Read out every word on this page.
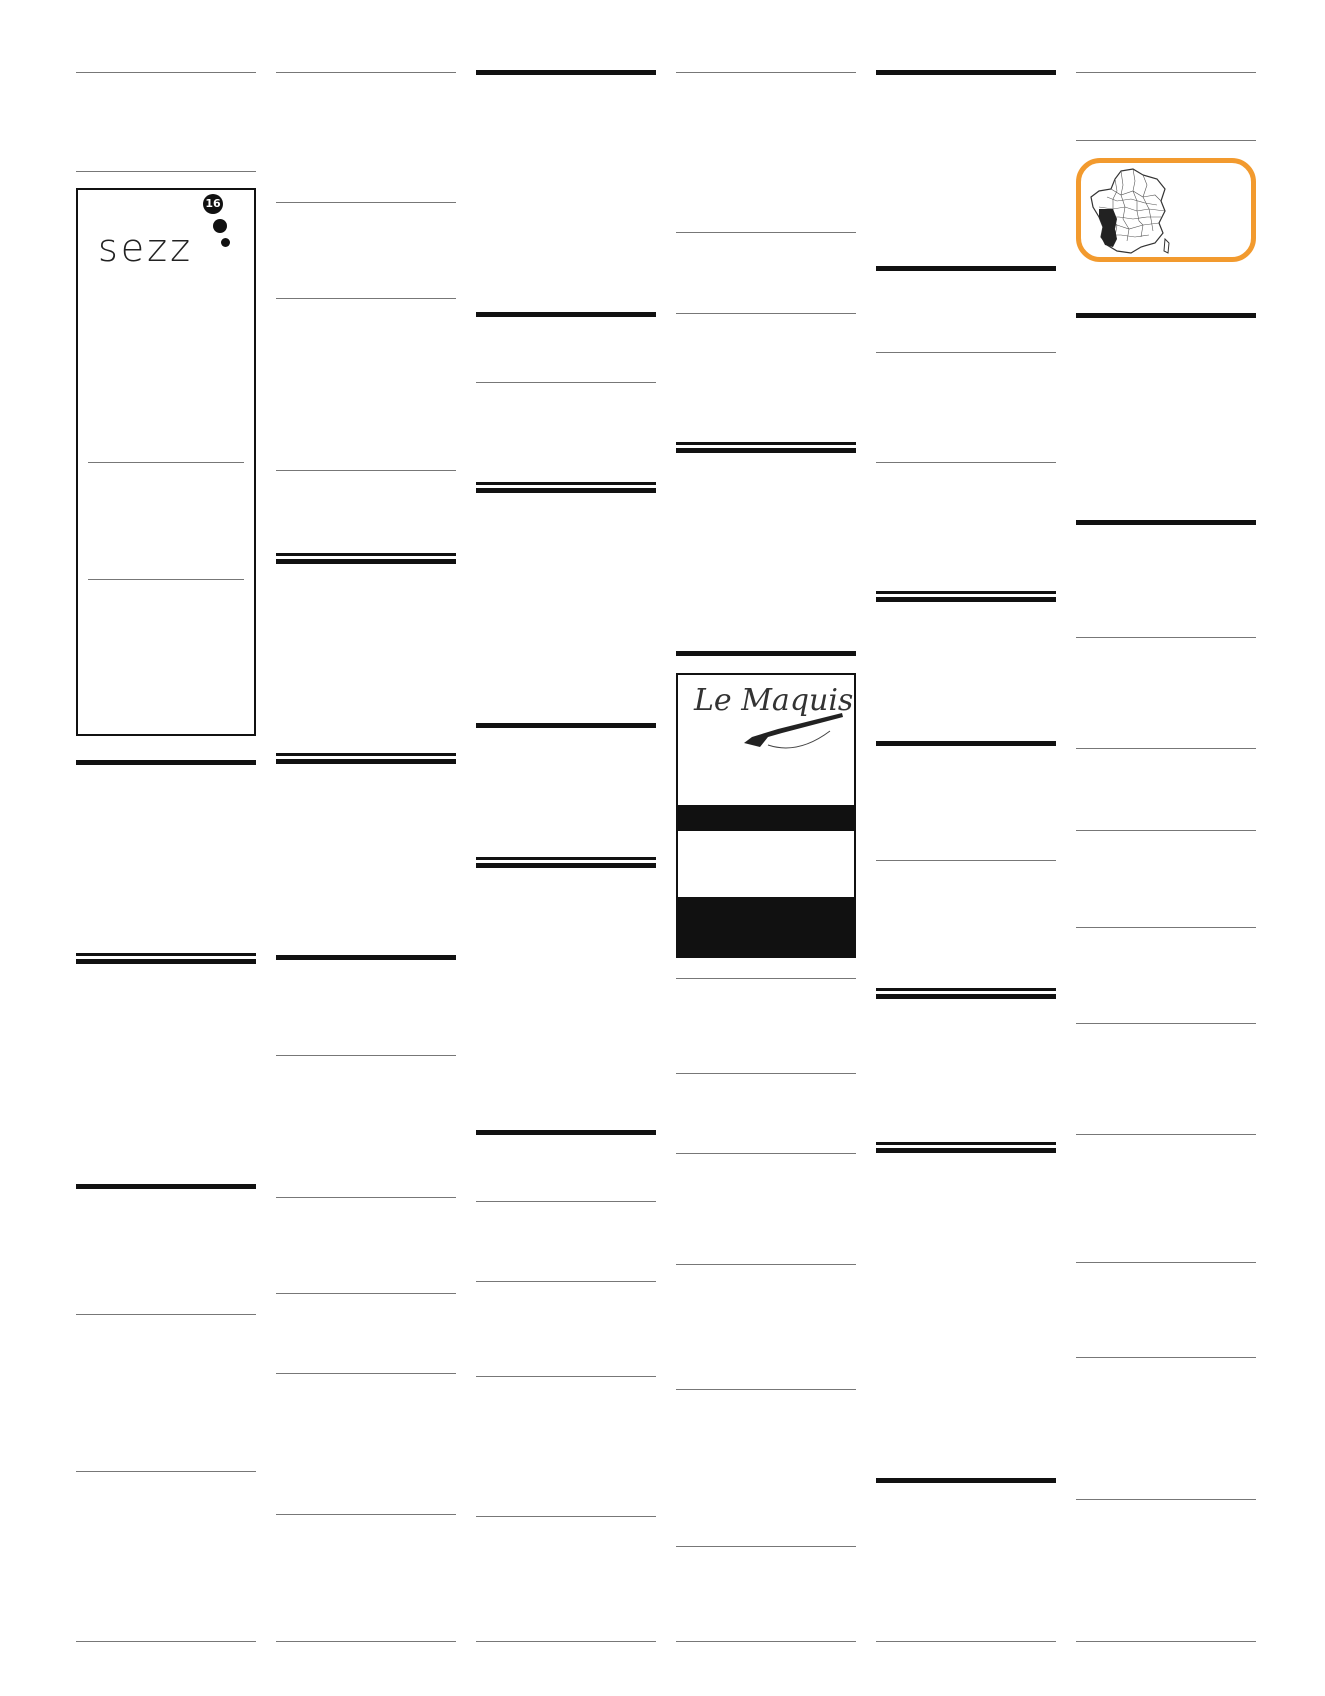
16
sezz
Le Maquis
